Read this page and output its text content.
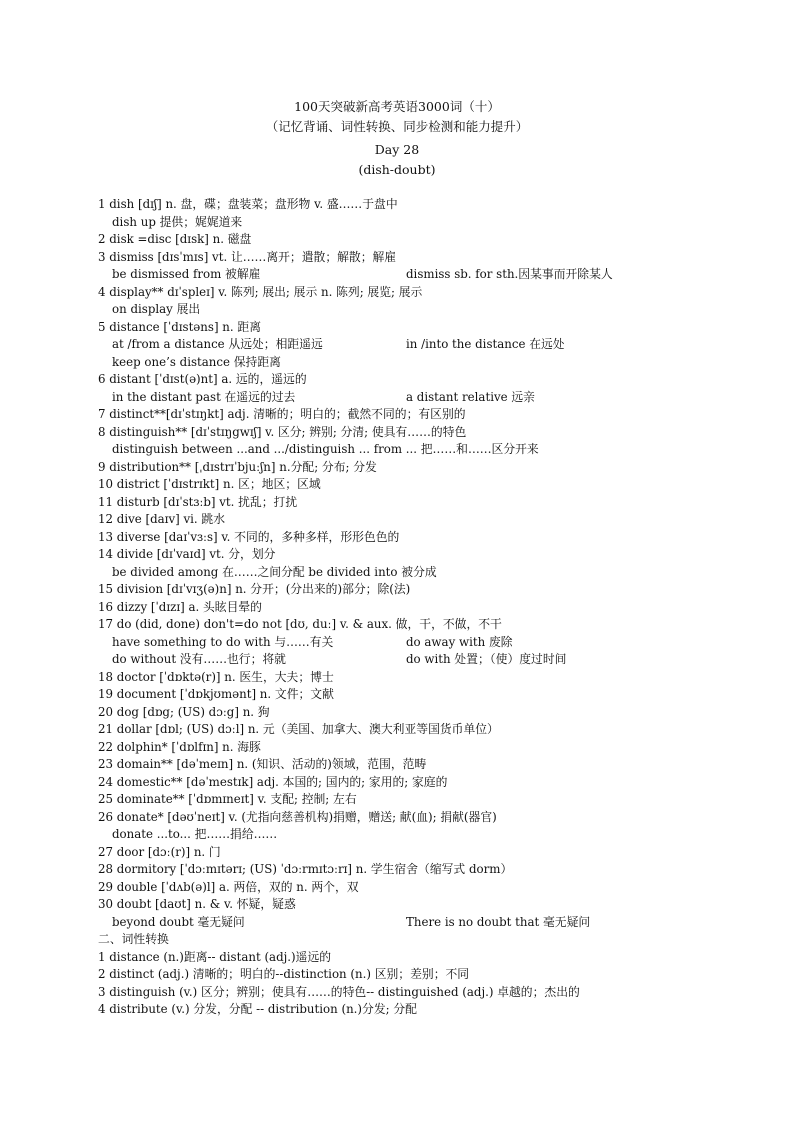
100天突破新高考英语3000词（十）
（记忆背诵、词性转换、同步检测和能力提升）
Day 28
(dish-doubt)
1 dish [dɪʃ] n. 盘，碟；盘装菜；盘形物 v. 盛……于盘中
dish up 提供；娓娓道来
2 disk =disc [dɪsk] n. 磁盘
3 dismiss [dɪsˈmɪs] vt. 让……离开；遣散；解散；解雇
be dismissed from 被解雇	dismiss sb. for sth.因某事而开除某人
4 display** dɪˈspleɪ] v. 陈列; 展出; 展示 n. 陈列; 展览; 展示
on display 展出
5 distance [ˈdɪstəns] n. 距离
at /from a distance 从远处；相距遥远	in /into the distance 在远处
keep one’s distance 保持距离
6 distant [ˈdɪst(ə)nt] a. 远的，遥远的
in the distant past 在遥远的过去	a distant relative 远亲
7 distinct**[dɪˈstɪŋkt] adj. 清晰的；明白的；截然不同的；有区别的
8 distinguish** [dɪˈstɪŋgwɪʃ] v. 区分; 辨别; 分清; 使具有……的特色
distinguish between ...and .../distinguish ... from ... 把……和……区分开来
9 distribution** [ˌdɪstrɪˈbjuːʃn] n.分配; 分布; 分发
10 district [ˈdɪstrɪkt] n. 区；地区；区域
11 disturb [dɪˈstɜːb] vt. 扰乱；打扰
12 dive [daɪv] vi. 跳水
13 diverse [daɪˈvɜːs] v. 不同的，多种多样，形形色色的
14 divide [dɪˈvaɪd] vt. 分，划分
be divided among 在……之间分配 be divided into 被分成
15 division [dɪˈvɪʒ(ə)n] n. 分开；(分出来的)部分；除(法)
16 dizzy [ˈdɪzɪ] a. 头眩目晕的
17 do (did, done) don't=do not [dʊ, duː] v. & aux. 做，干，不做，不干
have something to do with 与……有关	do away with 废除
do without 没有……也行；将就	do with 处置；（使）度过时间
18 doctor [ˈdɒktə(r)] n. 医生，大夫；博士
19 document [ˈdɒkjʊmənt] n. 文件；文献
20 dog [dɒg; (US) dɔːg] n. 狗
21 dollar [dɒl; (US) dɔːl] n. 元（美国、加拿大、澳大利亚等国货币单位）
22 dolphin* [ˈdɒlfɪn] n. 海豚
23 domain** [dəˈmeɪn] n. (知识、活动的)领域，范围，范畴
24 domestic** [dəˈmestɪk] adj. 本国的; 国内的; 家用的; 家庭的
25 dominate** [ˈdɒmɪneɪt] v. 支配; 控制; 左右
26 donate* [dəʊˈneɪt] v. (尤指向慈善机构)捐赠，赠送; 献(血); 捐献(器官)
donate ...to... 把……捐给……
27 door [dɔː(r)] n. 门
28 dormitory [ˈdɔːmɪtərɪ; (US) ˈdɔːrmɪtɔːrɪ] n. 学生宿舍（缩写式 dorm）
29 double [ˈdʌb(ə)l] a. 两倍，双的 n. 两个，双
30 doubt [daʊt] n. & v. 怀疑，疑惑
beyond doubt 毫无疑问	There is no doubt that 毫无疑问
二、词性转换
1 distance (n.)距离-- distant (adj.)遥远的
2 distinct (adj.) 清晰的；明白的--distinction (n.) 区别；差别；不同
3 distinguish (v.) 区分；辨别；使具有……的特色-- distinguished (adj.) 卓越的；杰出的
4 distribute (v.) 分发，分配 -- distribution (n.)分发; 分配
